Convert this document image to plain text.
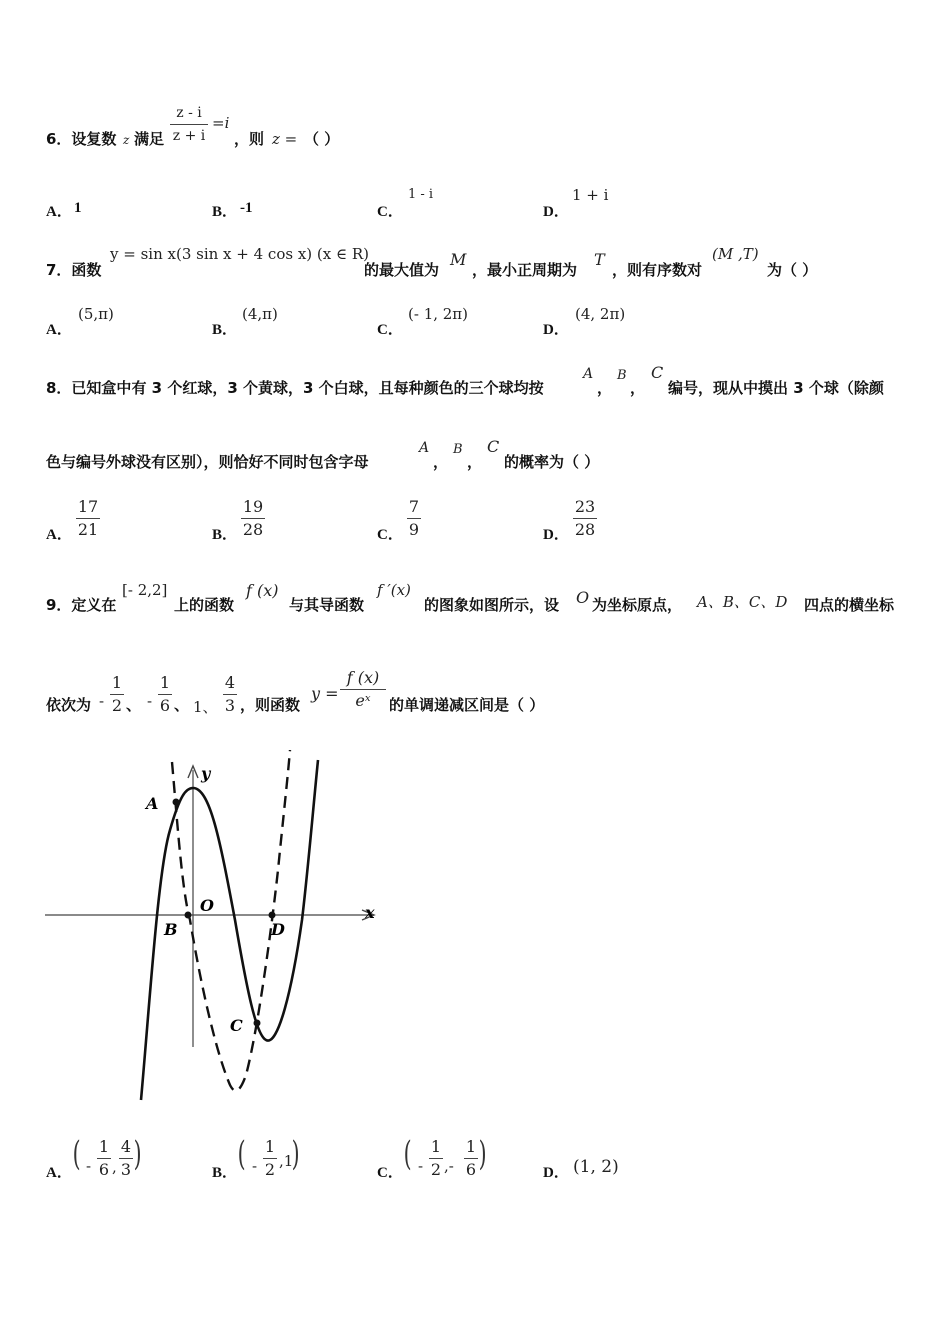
6．设复数 z 满足
z - i
z + i
=i
，则 z = （ ）
A． 1	B． -1	C．
1 - i
D．
1 + i
7．函数
y = sin x(3 sin x + 4 cos x) (x ∈ R)
的最大值为
M
，最小正周期为
T
，则有序数对
(M ,T)
为（ ）
A．
(5,π)
B．
(4,π)
C．
(- 1, 2π)
D．
(4, 2π)
8．已知盒中有 3 个红球，3 个黄球，3 个白球，且每种颜色的三个球均按
A
，
B
，
C
编号，现从中摸出 3 个球（除颜
色与编号外球没有区别），则恰好不同时包含字母
A
，
B
，
C
的概率为（ ）
A．
17
21	B．
19
28	C．
7
9	D．
23
28
9．定义在
[- 2,2]
上的函数
f (x)
与其导函数
f ′(x)
的图象如图所示，设 O 为坐标原点， A、B、C、D 四点的横坐标
依次为 -
1
2 、 -
1
6 、 1、
4
3 ，则函数
y =
f (x)
eˣ	的单调递减区间是（ ）
y
x
A
O
B	D
C
A． ( -
1
6 ,
4
3 )	B． ( -
1
2 ,1
)	C． ( -
1
2 ,-
1
6 )	D． (1, 2)
